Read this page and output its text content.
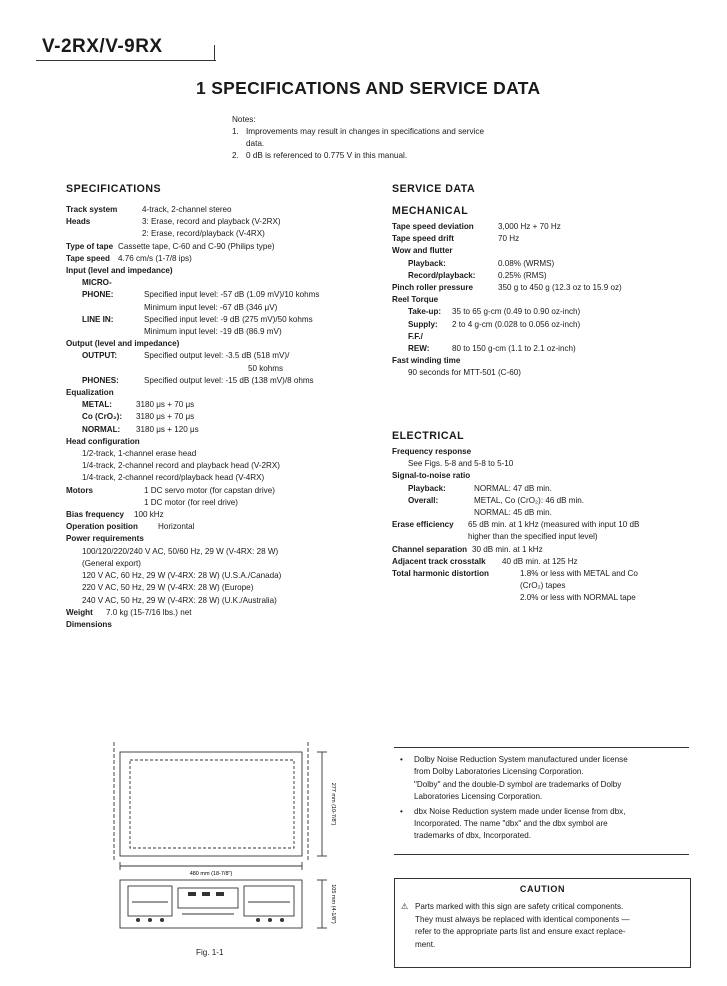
V-2RX/V-9RX
1 SPECIFICATIONS AND SERVICE DATA
Notes:
1. Improvements may result in changes in specifications and service
data.
2. 0 dB is referenced to 0.775 V in this manual.
SPECIFICATIONS
Track system	4-track, 2-channel stereo
Heads	3: Erase, record and playback (V-2RX)
2: Erase, record/playback (V-4RX)
Type of tape Cassette tape, C-60 and C-90 (Philips type)
Tape speed 4.76 cm/s (1-7/8 ips)
Input (level and impedance)
MICRO-
PHONE:	Specified input level: -57 dB (1.09 mV)/10 kohms
Minimum input level: -67 dB (346 μV)
LINE IN:	Specified input level: -9 dB (275 mV)/50 kohms
Minimum input level: -19 dB (86.9 mV)
Output (level and impedance)
OUTPUT:	Specified output level: -3.5 dB (518 mV)/
50 kohms
PHONES:	Specified output level: -15 dB (138 mV)/8 ohms
Equalization
METAL:	3180 μs + 70 μs
Co (CrO₂):	3180 μs + 70 μs
NORMAL:	3180 μs + 120 μs
Head configuration
1/2-track, 1-channel erase head
1/4-track, 2-channel record and playback head (V-2RX)
1/4-track, 2-channel record/playback head (V-4RX)
Motors	1 DC servo motor (for capstan drive)
1 DC motor (for reel drive)
Bias frequency	100 kHz
Operation position	Horizontal
Power requirements
100/120/220/240 V AC, 50/60 Hz, 29 W (V-4RX: 28 W)
(General export)
120 V AC, 60 Hz, 29 W (V-4RX: 28 W) (U.S.A./Canada)
220 V AC, 50 Hz, 29 W (V-4RX: 28 W) (Europe)
240 V AC, 50 Hz, 29 W (V-4RX: 28 W) (U.K./Australia)
Weight	7.0 kg (15-7/16 lbs.) net
Dimensions
SERVICE DATA
MECHANICAL
Tape speed deviation	3,000 Hz + 70 Hz
Tape speed drift	70 Hz
Wow and flutter
Playback:	0.08% (WRMS)
Record/playback:	0.25% (RMS)
Pinch roller pressure	350 g to 450 g (12.3 oz to 15.9 oz)
Reel Torque
Take-up:	35 to 65 g-cm (0.49 to 0.90 oz-inch)
Supply:	2 to 4 g-cm (0.028 to 0.056 oz-inch)
F.F./
REW:	80 to 150 g-cm (1.1 to 2.1 oz-inch)
Fast winding time
90 seconds for MTT-501 (C-60)
ELECTRICAL
Frequency response
See Figs. 5-8 and 5-8 to 5-10
Signal-to-noise ratio
Playback:	NORMAL: 47 dB min.
Overall:	METAL, Co (CrO₂): 46 dB min.
NORMAL: 45 dB min.
Erase efficiency	65 dB min. at 1 kHz (measured with input 10 dB
higher than the specified input level)
Channel separation 30 dB min. at 1 kHz
Adjacent track crosstalk	40 dB min. at 125 Hz
Total harmonic distortion	1.8% or less with METAL and Co
(CrO₂) tapes
2.0% or less with NORMAL tape
480 mm (18-7/8")
277 mm (10-7/8")
105 mm (4-1/8")
Fig. 1-1
•	Dolby Noise Reduction System manufactured under license
from Dolby Laboratories Licensing Corporation.
"Dolby" and the double-D symbol are trademarks of Dolby
Laboratories Licensing Corporation.
•	dbx Noise Reduction system made under license from dbx,
Incorporated. The name "dbx" and the dbx symbol are
trademarks of dbx, Incorporated.
CAUTION
⚠ Parts marked with this sign are safety critical components.
They must always be replaced with identical components —
refer to the appropriate parts list and ensure exact replace-
ment.
